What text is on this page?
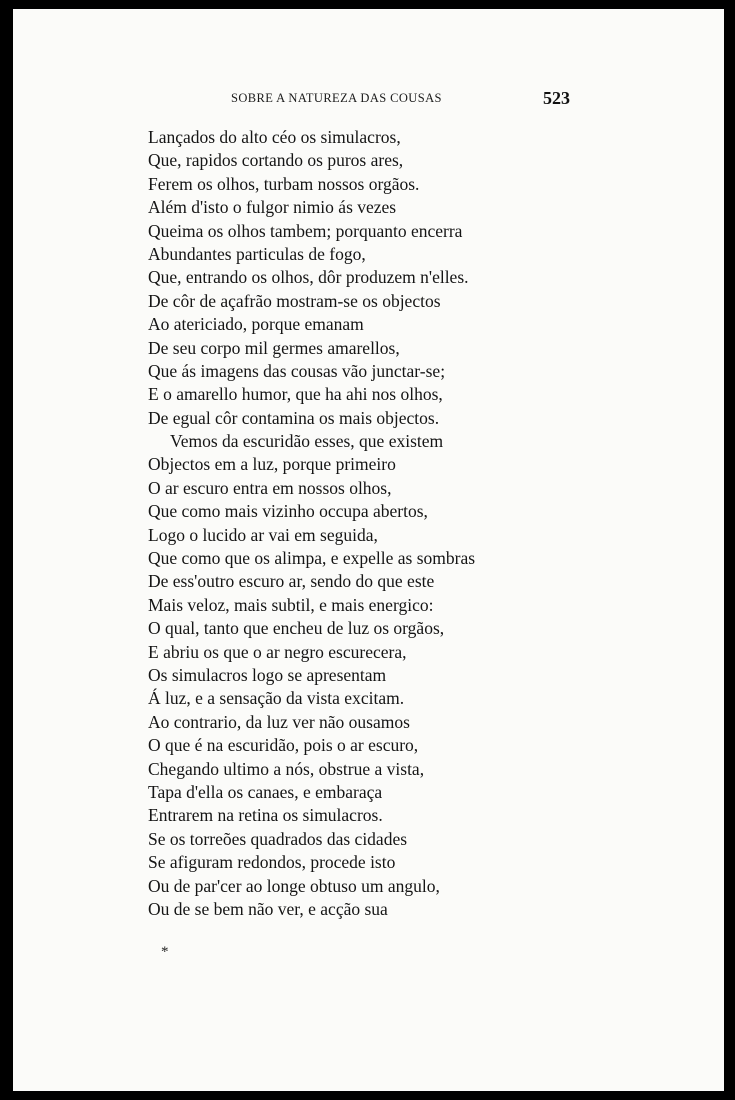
SOBRE A NATUREZA DAS COUSAS	523
Lançados do alto céo os simulacros,
Que, rapidos cortando os puros ares,
Ferem os olhos, turbam nossos orgãos.
Além d'isto o fulgor nimio ás vezes
Queima os olhos tambem; porquanto encerra
Abundantes particulas de fogo,
Que, entrando os olhos, dôr produzem n'elles.
De côr de açafrão mostram-se os objectos
Ao atericiado, porque emanam
De seu corpo mil germes amarellos,
Que ás imagens das cousas vão junctar-se;
E o amarello humor, que ha ahi nos olhos,
De egual côr contamina os mais objectos.
Vemos da escuridão esses, que existem
Objectos em a luz, porque primeiro
O ar escuro entra em nossos olhos,
Que como mais vizinho occupa abertos,
Logo o lucido ar vai em seguida,
Que como que os alimpa, e expelle as sombras
De ess'outro escuro ar, sendo do que este
Mais veloz, mais subtil, e mais energico:
O qual, tanto que encheu de luz os orgãos,
E abriu os que o ar negro escurecera,
Os simulacros logo se apresentam
Á luz, e a sensação da vista excitam.
Ao contrario, da luz ver não ousamos
O que é na escuridão, pois o ar escuro,
Chegando ultimo a nós, obstrue a vista,
Tapa d'ella os canaes, e embaraça
Entrarem na retina os simulacros.
Se os torreões quadrados das cidades
Se afiguram redondos, procede isto
Ou de par'cer ao longe obtuso um angulo,
Ou de se bem não ver, e acção sua
*
